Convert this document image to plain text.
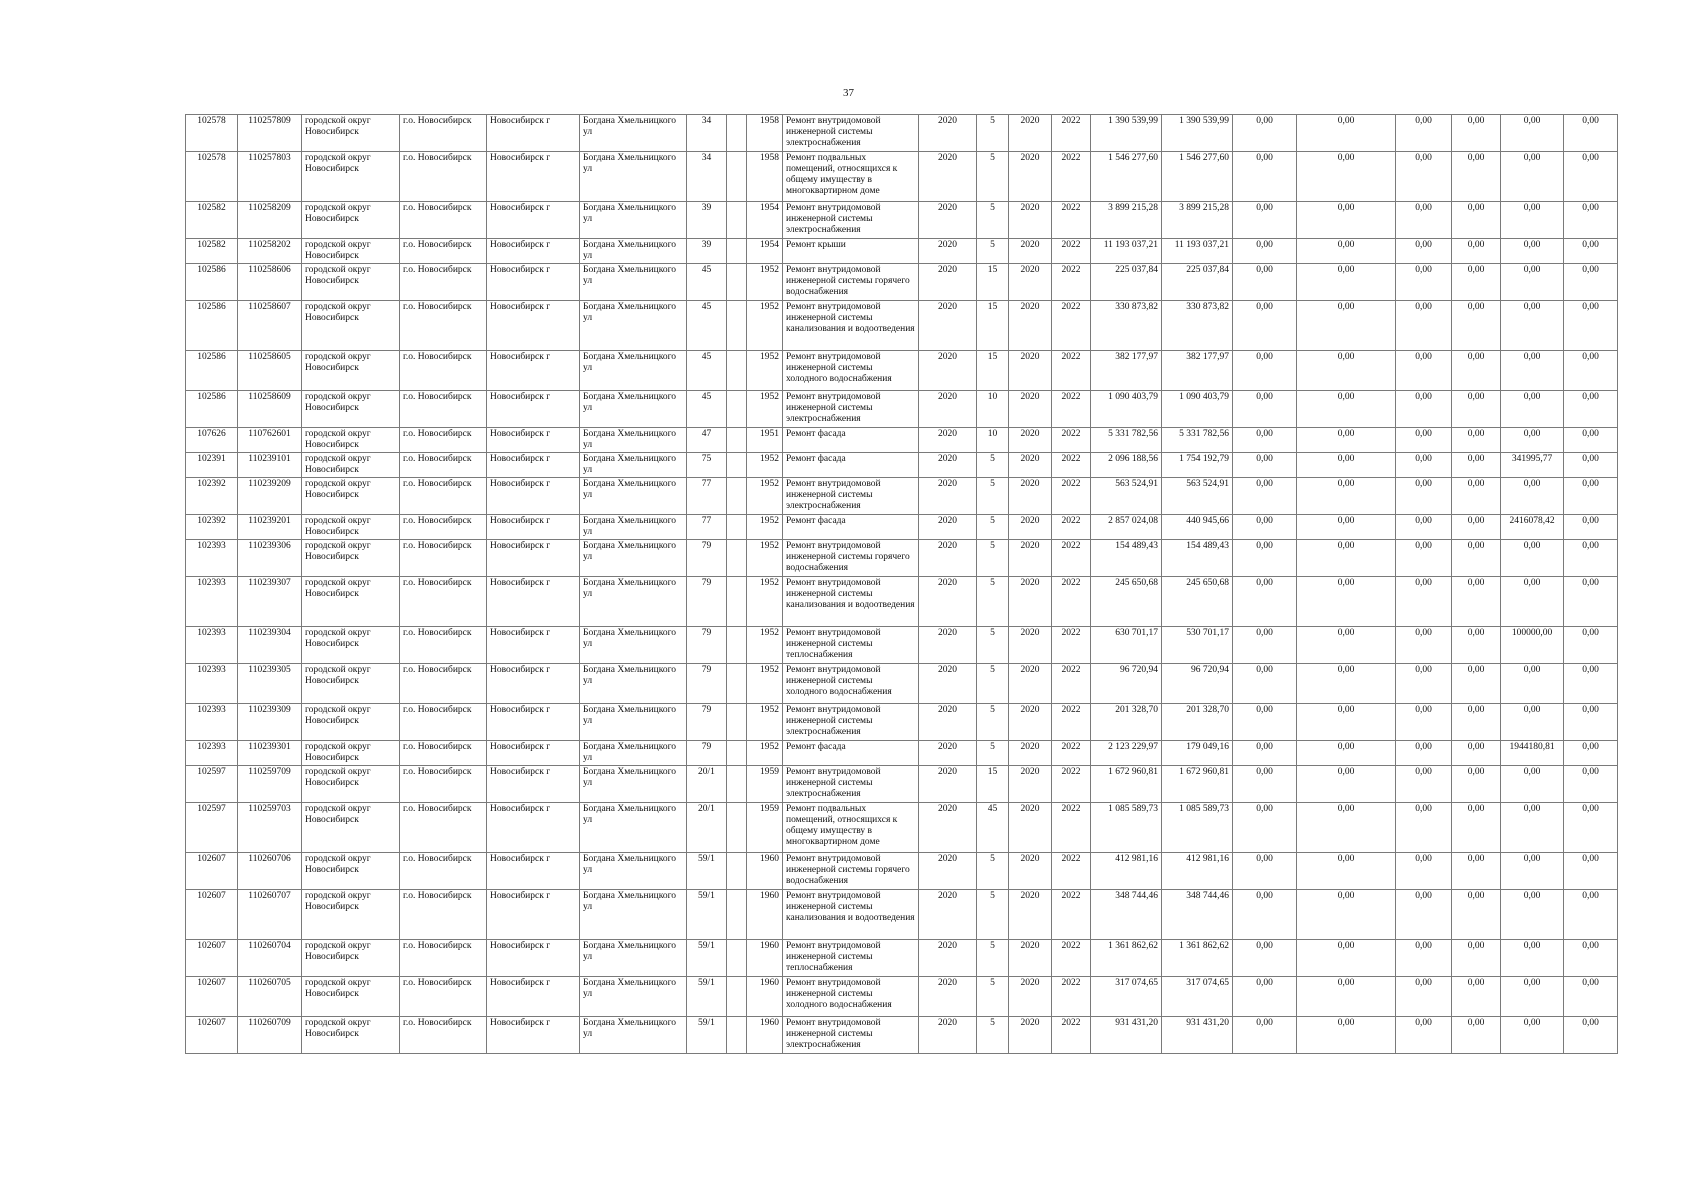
37
102578	110257809	городской округ Новосибирск	г.о. Новосибирск	Новосибирск г	Богдана Хмельницкого ул	34		1958	Ремонт внутридомовой инженерной системы электроснабжения	2020	5	2020	2022	1 390 539,99	1 390 539,99	0,00	0,00	0,00	0,00	0,00	0,00
102578	110257803	городской округ Новосибирск	г.о. Новосибирск	Новосибирск г	Богдана Хмельницкого ул	34		1958	Ремонт подвальных помещений, относящихся к общему имуществу в многоквартирном доме	2020	5	2020	2022	1 546 277,60	1 546 277,60	0,00	0,00	0,00	0,00	0,00	0,00
102582	110258209	городской округ Новосибирск	г.о. Новосибирск	Новосибирск г	Богдана Хмельницкого ул	39		1954	Ремонт внутридомовой инженерной системы электроснабжения	2020	5	2020	2022	3 899 215,28	3 899 215,28	0,00	0,00	0,00	0,00	0,00	0,00
102582	110258202	городской округ Новосибирск	г.о. Новосибирск	Новосибирск г	Богдана Хмельницкого ул	39		1954	Ремонт крыши	2020	5	2020	2022	11 193 037,21	11 193 037,21	0,00	0,00	0,00	0,00	0,00	0,00
102586	110258606	городской округ Новосибирск	г.о. Новосибирск	Новосибирск г	Богдана Хмельницкого ул	45		1952	Ремонт внутридомовой инженерной системы горячего водоснабжения	2020	15	2020	2022	225 037,84	225 037,84	0,00	0,00	0,00	0,00	0,00	0,00
102586	110258607	городской округ Новосибирск	г.о. Новосибирск	Новосибирск г	Богдана Хмельницкого ул	45		1952	Ремонт внутридомовой инженерной системы канализования и водоотведения	2020	15	2020	2022	330 873,82	330 873,82	0,00	0,00	0,00	0,00	0,00	0,00
102586	110258605	городской округ Новосибирск	г.о. Новосибирск	Новосибирск г	Богдана Хмельницкого ул	45		1952	Ремонт внутридомовой инженерной системы холодного водоснабжения	2020	15	2020	2022	382 177,97	382 177,97	0,00	0,00	0,00	0,00	0,00	0,00
102586	110258609	городской округ Новосибирск	г.о. Новосибирск	Новосибирск г	Богдана Хмельницкого ул	45		1952	Ремонт внутридомовой инженерной системы электроснабжения	2020	10	2020	2022	1 090 403,79	1 090 403,79	0,00	0,00	0,00	0,00	0,00	0,00
107626	110762601	городской округ Новосибирск	г.о. Новосибирск	Новосибирск г	Богдана Хмельницкого ул	47		1951	Ремонт фасада	2020	10	2020	2022	5 331 782,56	5 331 782,56	0,00	0,00	0,00	0,00	0,00	0,00
102391	110239101	городской округ Новосибирск	г.о. Новосибирск	Новосибирск г	Богдана Хмельницкого ул	75		1952	Ремонт фасада	2020	5	2020	2022	2 096 188,56	1 754 192,79	0,00	0,00	0,00	0,00	341995,77	0,00
102392	110239209	городской округ Новосибирск	г.о. Новосибирск	Новосибирск г	Богдана Хмельницкого ул	77		1952	Ремонт внутридомовой инженерной системы электроснабжения	2020	5	2020	2022	563 524,91	563 524,91	0,00	0,00	0,00	0,00	0,00	0,00
102392	110239201	городской округ Новосибирск	г.о. Новосибирск	Новосибирск г	Богдана Хмельницкого ул	77		1952	Ремонт фасада	2020	5	2020	2022	2 857 024,08	440 945,66	0,00	0,00	0,00	0,00	2416078,42	0,00
102393	110239306	городской округ Новосибирск	г.о. Новосибирск	Новосибирск г	Богдана Хмельницкого ул	79		1952	Ремонт внутридомовой инженерной системы горячего водоснабжения	2020	5	2020	2022	154 489,43	154 489,43	0,00	0,00	0,00	0,00	0,00	0,00
102393	110239307	городской округ Новосибирск	г.о. Новосибирск	Новосибирск г	Богдана Хмельницкого ул	79		1952	Ремонт внутридомовой инженерной системы канализования и водоотведения	2020	5	2020	2022	245 650,68	245 650,68	0,00	0,00	0,00	0,00	0,00	0,00
102393	110239304	городской округ Новосибирск	г.о. Новосибирск	Новосибирск г	Богдана Хмельницкого ул	79		1952	Ремонт внутридомовой инженерной системы теплоснабжения	2020	5	2020	2022	630 701,17	530 701,17	0,00	0,00	0,00	0,00	100000,00	0,00
102393	110239305	городской округ Новосибирск	г.о. Новосибирск	Новосибирск г	Богдана Хмельницкого ул	79		1952	Ремонт внутридомовой инженерной системы холодного водоснабжения	2020	5	2020	2022	96 720,94	96 720,94	0,00	0,00	0,00	0,00	0,00	0,00
102393	110239309	городской округ Новосибирск	г.о. Новосибирск	Новосибирск г	Богдана Хмельницкого ул	79		1952	Ремонт внутридомовой инженерной системы электроснабжения	2020	5	2020	2022	201 328,70	201 328,70	0,00	0,00	0,00	0,00	0,00	0,00
102393	110239301	городской округ Новосибирск	г.о. Новосибирск	Новосибирск г	Богдана Хмельницкого ул	79		1952	Ремонт фасада	2020	5	2020	2022	2 123 229,97	179 049,16	0,00	0,00	0,00	0,00	1944180,81	0,00
102597	110259709	городской округ Новосибирск	г.о. Новосибирск	Новосибирск г	Богдана Хмельницкого ул	20/1		1959	Ремонт внутридомовой инженерной системы электроснабжения	2020	15	2020	2022	1 672 960,81	1 672 960,81	0,00	0,00	0,00	0,00	0,00	0,00
102597	110259703	городской округ Новосибирск	г.о. Новосибирск	Новосибирск г	Богдана Хмельницкого ул	20/1		1959	Ремонт подвальных помещений, относящихся к общему имуществу в многоквартирном доме	2020	45	2020	2022	1 085 589,73	1 085 589,73	0,00	0,00	0,00	0,00	0,00	0,00
102607	110260706	городской округ Новосибирск	г.о. Новосибирск	Новосибирск г	Богдана Хмельницкого ул	59/1		1960	Ремонт внутридомовой инженерной системы горячего водоснабжения	2020	5	2020	2022	412 981,16	412 981,16	0,00	0,00	0,00	0,00	0,00	0,00
102607	110260707	городской округ Новосибирск	г.о. Новосибирск	Новосибирск г	Богдана Хмельницкого ул	59/1		1960	Ремонт внутридомовой инженерной системы канализования и водоотведения	2020	5	2020	2022	348 744,46	348 744,46	0,00	0,00	0,00	0,00	0,00	0,00
102607	110260704	городской округ Новосибирск	г.о. Новосибирск	Новосибирск г	Богдана Хмельницкого ул	59/1		1960	Ремонт внутридомовой инженерной системы теплоснабжения	2020	5	2020	2022	1 361 862,62	1 361 862,62	0,00	0,00	0,00	0,00	0,00	0,00
102607	110260705	городской округ Новосибирск	г.о. Новосибирск	Новосибирск г	Богдана Хмельницкого ул	59/1		1960	Ремонт внутридомовой инженерной системы холодного водоснабжения	2020	5	2020	2022	317 074,65	317 074,65	0,00	0,00	0,00	0,00	0,00	0,00
102607	110260709	городской округ Новосибирск	г.о. Новосибирск	Новосибирск г	Богдана Хмельницкого ул	59/1		1960	Ремонт внутридомовой инженерной системы электроснабжения	2020	5	2020	2022	931 431,20	931 431,20	0,00	0,00	0,00	0,00	0,00	0,00
